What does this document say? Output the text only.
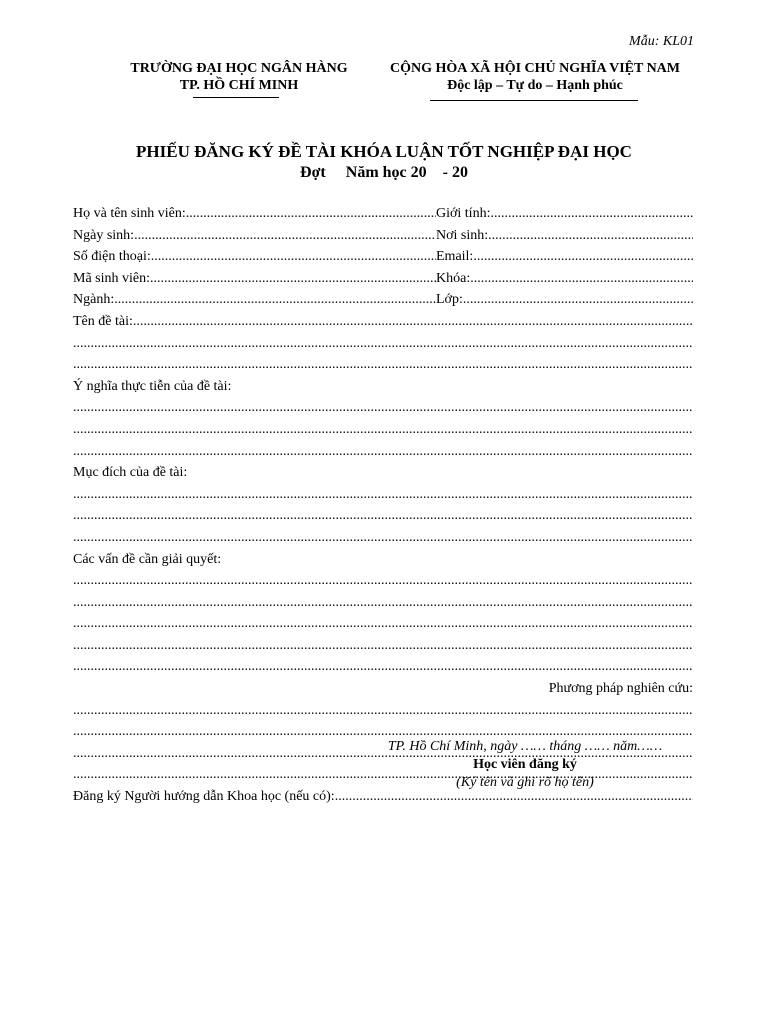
Mẫu: KL01
TRƯỜNG ĐẠI HỌC NGÂN HÀNG
TP. HỒ CHÍ MINH
CỘNG HÒA XÃ HỘI CHỦ NGHĨA VIỆT NAM
Độc lập – Tự do – Hạnh phúc
PHIẾU ĐĂNG KÝ ĐỀ TÀI KHÓA LUẬN TỐT NGHIỆP ĐẠI HỌC
Đợt     Năm học 20    - 20
Họ và tên sinh viên: .....	Giới tính:
.....
Ngày sinh: .....	Nơi sinh:
.....
Số điện thoại: .....	Email:
.....
Mã sinh viên: .....	Khóa:
.....
Ngành: .....	Lớp:
.....
Tên đề tài:
.....
.....
.....
Ý nghĩa thực tiễn của đề tài:
.....
.....
.....
Mục đích của đề tài:
.....
.....
.....
Các vấn đề cần giải quyết:
.....
.....
.....
.....
.....
Phương pháp nghiên cứu:
.....
.....
.....
.....
Đăng ký Người hướng dẫn Khoa học (nếu có):
.....
TP. Hồ Chí Minh, ngày …… tháng …… năm……
Học viên đăng ký
(Ký tên và ghi rõ họ tên)
